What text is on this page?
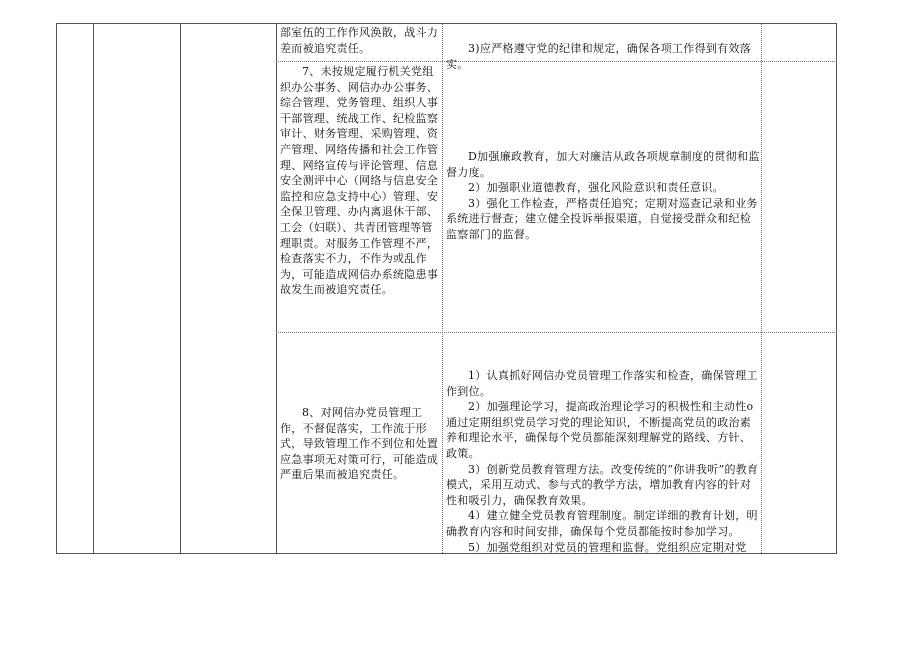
部室伍的工作作风涣散，战斗力差而被追究责任。	3)应严格遵守党的纪律和规定，确保各项工作得到有效落实。

7、未按规定履行机关党组织办公事务、网信办办公事务、综合管理、党务管理、组织人事干部管理、统战工作、纪检监察审计、财务管理、采购管理、资产管理、网络传播和社会工作管理、网络宣传与评论管理、信息安全测评中心（网络与信息安全监控和应急支持中心）管理、安全保卫管理、办内离退休干部、工会（妇联）、共青团管理等管理职责。对服务工作管理不严，检查落实不力，不作为或乱作为，可能造成网信办系统隐患事故发生而被追究责任。

D加强廉政教育，加大对廉洁从政各项规章制度的贯彻和监督力度。

2）加强职业道德教育，强化风险意识和责任意识。

3）强化工作检查，严格责任追究；定期对巡查记录和业务系统进行督查；建立健全投诉举报渠道，自觉接受群众和纪检监察部门的监督。

8、对网信办党员管理工作，不督促落实，工作流于形式，导致管理工作不到位和处置应急事项无对策可行，可能造成严重后果而被追究责任。

1）认真抓好网信办党员管理工作落实和检查，确保管理工作到位。

2）加强理论学习，提高政治理论学习的积极性和主动性o通过定期组织党员学习党的理论知识，不断提高党员的政治素养和理论水平，确保每个党员都能深刻理解党的路线、方针、政策。

3）创新党员教育管理方法。改变传统的“你讲我听”的教育模式，采用互动式、参与式的教学方法，增加教育内容的针对性和吸引力，确保教育效果。

4）建立健全党员教育管理制度。制定详细的教育计划，明确教育内容和时间安排，确保每个党员都能按时参加学习。

5）加强党组织对党员的管理和监督。党组织应定期对党
